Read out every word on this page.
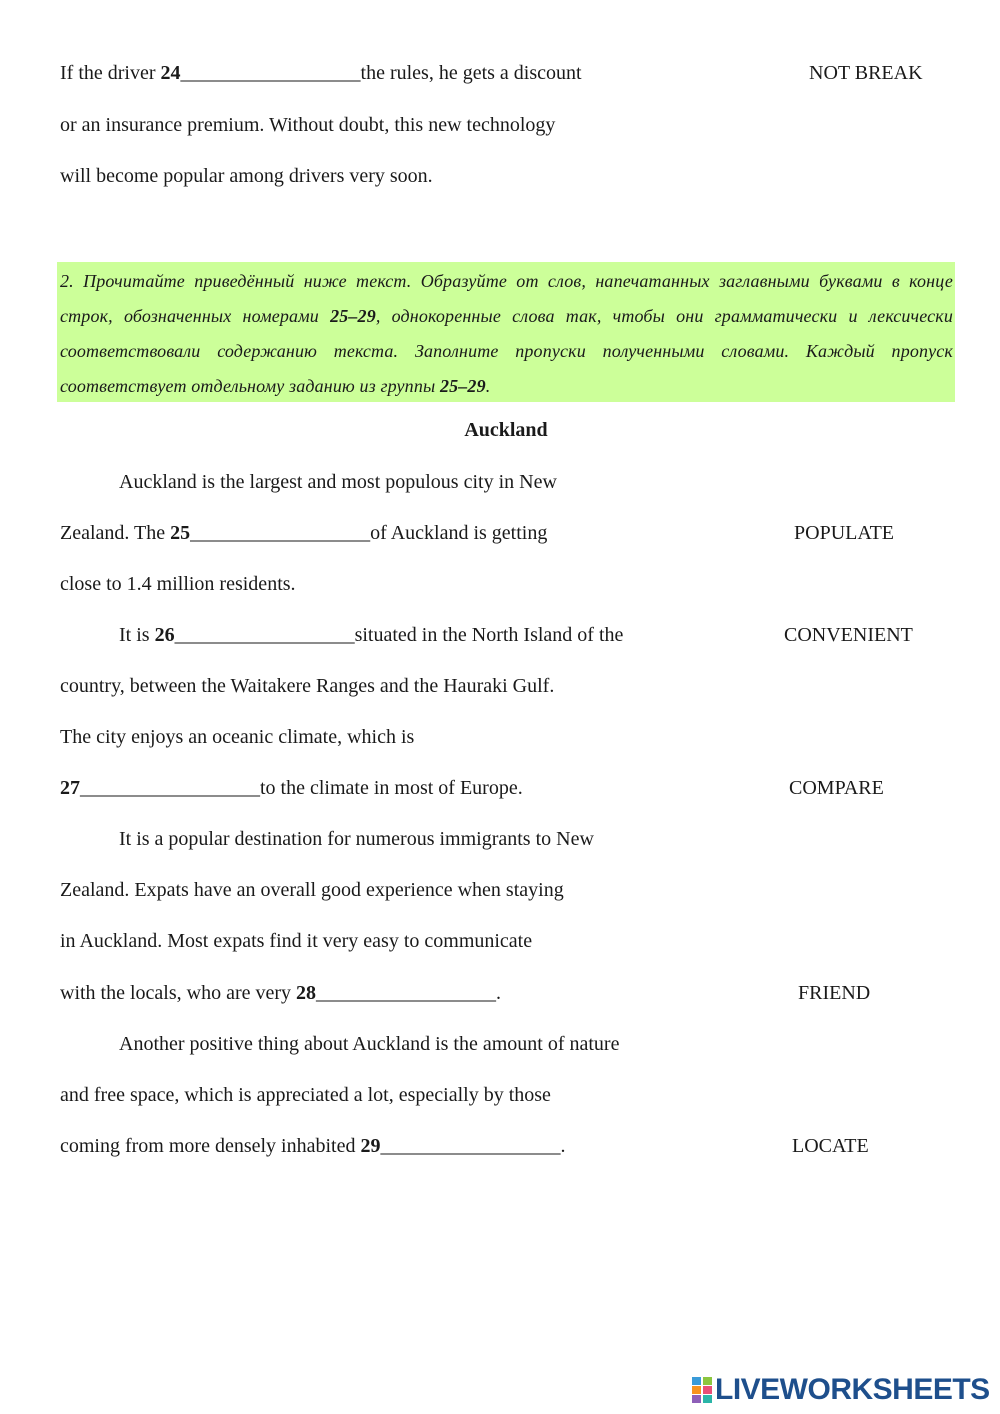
If the driver 24__________________the rules, he gets a discount	NOT BREAK
or an insurance premium. Without doubt, this new technology
will become popular among drivers very soon.
2. Прочитайте приведённый ниже текст. Образуйте от слов, напечатанных заглавными буквами в конце строк, обозначенных номерами 25–29, однокоренные слова так, чтобы они грамматически и лексически соответствовали содержанию текста. Заполните пропуски полученными словами. Каждый пропуск соответствует отдельному заданию из группы 25–29.
Auckland
Auckland is the largest and most populous city in New
Zealand. The 25__________________of Auckland is getting	POPULATE
close to 1.4 million residents.
It is 26__________________situated in the North Island of the	CONVENIENT
country, between the Waitakere Ranges and the Hauraki Gulf.
The city enjoys an oceanic climate, which is
27__________________to the climate in most of Europe.	COMPARE
It is a popular destination for numerous immigrants to New
Zealand. Expats have an overall good experience when staying
in Auckland. Most expats find it very easy to communicate
with the locals, who are very 28__________________.	FRIEND
Another positive thing about Auckland is the amount of nature
and free space, which is appreciated a lot, especially by those
coming from more densely inhabited 29__________________.	LOCATE
LIVEWORKSHEETS
